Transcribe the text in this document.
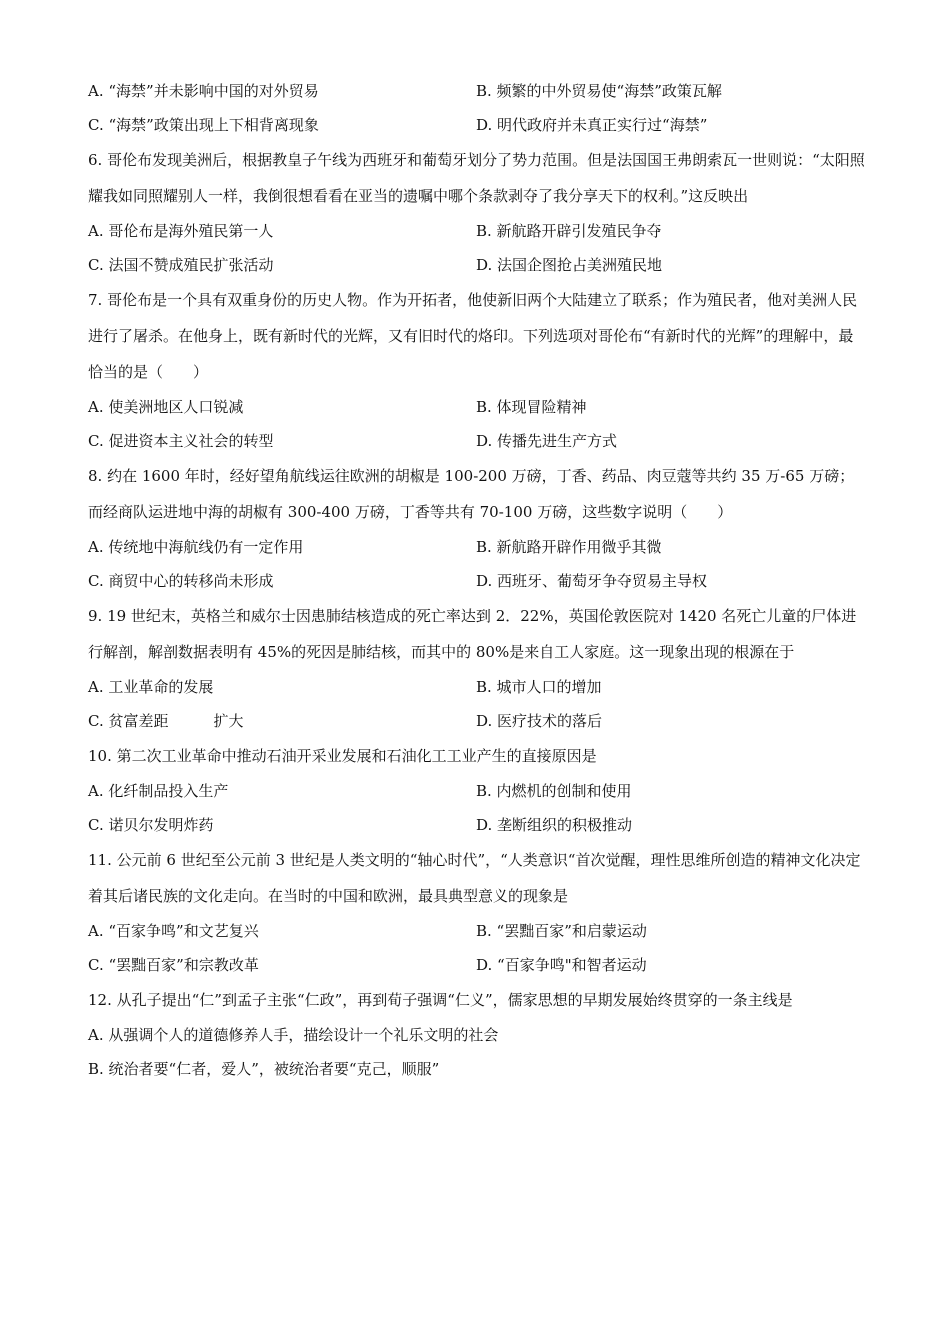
A. “海禁”并未影响中国的对外贸易	B. 频繁的中外贸易使“海禁”政策瓦解
C. “海禁”政策出现上下相背离现象	D. 明代政府并未真正实行过“海禁”
6. 哥伦布发现美洲后，根据教皇子午线为西班牙和葡萄牙划分了势力范围。但是法国国王弗朗索瓦一世则说：“太阳照耀我如同照耀别人一样，我倒很想看看在亚当的遗嘱中哪个条款剥夺了我分享天下的权利。”这反映出
A. 哥伦布是海外殖民第一人	B. 新航路开辟引发殖民争夺
C. 法国不赞成殖民扩张活动	D. 法国企图抢占美洲殖民地
7. 哥伦布是一个具有双重身份的历史人物。作为开拓者，他使新旧两个大陆建立了联系；作为殖民者，他对美洲人民进行了屠杀。在他身上，既有新时代的光辉，又有旧时代的烙印。下列选项对哥伦布“有新时代的光辉”的理解中，最恰当的是（　　）
A. 使美洲地区人口锐减	B. 体现冒险精神
C. 促进资本主义社会的转型	D. 传播先进生产方式
8. 约在 1600 年时，经好望角航线运往欧洲的胡椒是 100-200 万磅，丁香、药品、肉豆蔻等共约 35 万-65 万磅；而经商队运进地中海的胡椒有 300-400 万磅，丁香等共有 70-100 万磅，这些数字说明（　　）
A. 传统地中海航线仍有一定作用	B. 新航路开辟作用微乎其微
C. 商贸中心的转移尚未形成	D. 西班牙、葡萄牙争夺贸易主导权
9. 19 世纪末，英格兰和威尔士因患肺结核造成的死亡率达到 2．22%，英国伦敦医院对 1420 名死亡儿童的尸体进行解剖，解剖数据表明有 45%的死因是肺结核，而其中的 80%是来自工人家庭。这一现象出现的根源在于
A. 工业革命的发展	B. 城市人口的增加
C. 贫富差距　　　扩大	D. 医疗技术的落后
10. 第二次工业革命中推动石油开采业发展和石油化工工业产生的直接原因是
A. 化纤制品投入生产	B. 内燃机的创制和使用
C. 诺贝尔发明炸药	D. 垄断组织的积极推动
11. 公元前 6 世纪至公元前 3 世纪是人类文明的“轴心时代”，“人类意识“首次觉醒，理性思维所创造的精神文化决定着其后诸民族的文化走向。在当时的中国和欧洲，最具典型意义的现象是
A. “百家争鸣”和文艺复兴	B. “罢黜百家”和启蒙运动
C. “罢黜百家”和宗教改革	D. “百家争鸣"和智者运动
12. 从孔子提出“仁”到孟子主张“仁政”，再到荀子强调“仁义”，儒家思想的早期发展始终贯穿的一条主线是
A. 从强调个人的道德修养人手，描绘设计一个礼乐文明的社会
B. 统治者要“仁者，爱人”，被统治者要“克己，顺服”
